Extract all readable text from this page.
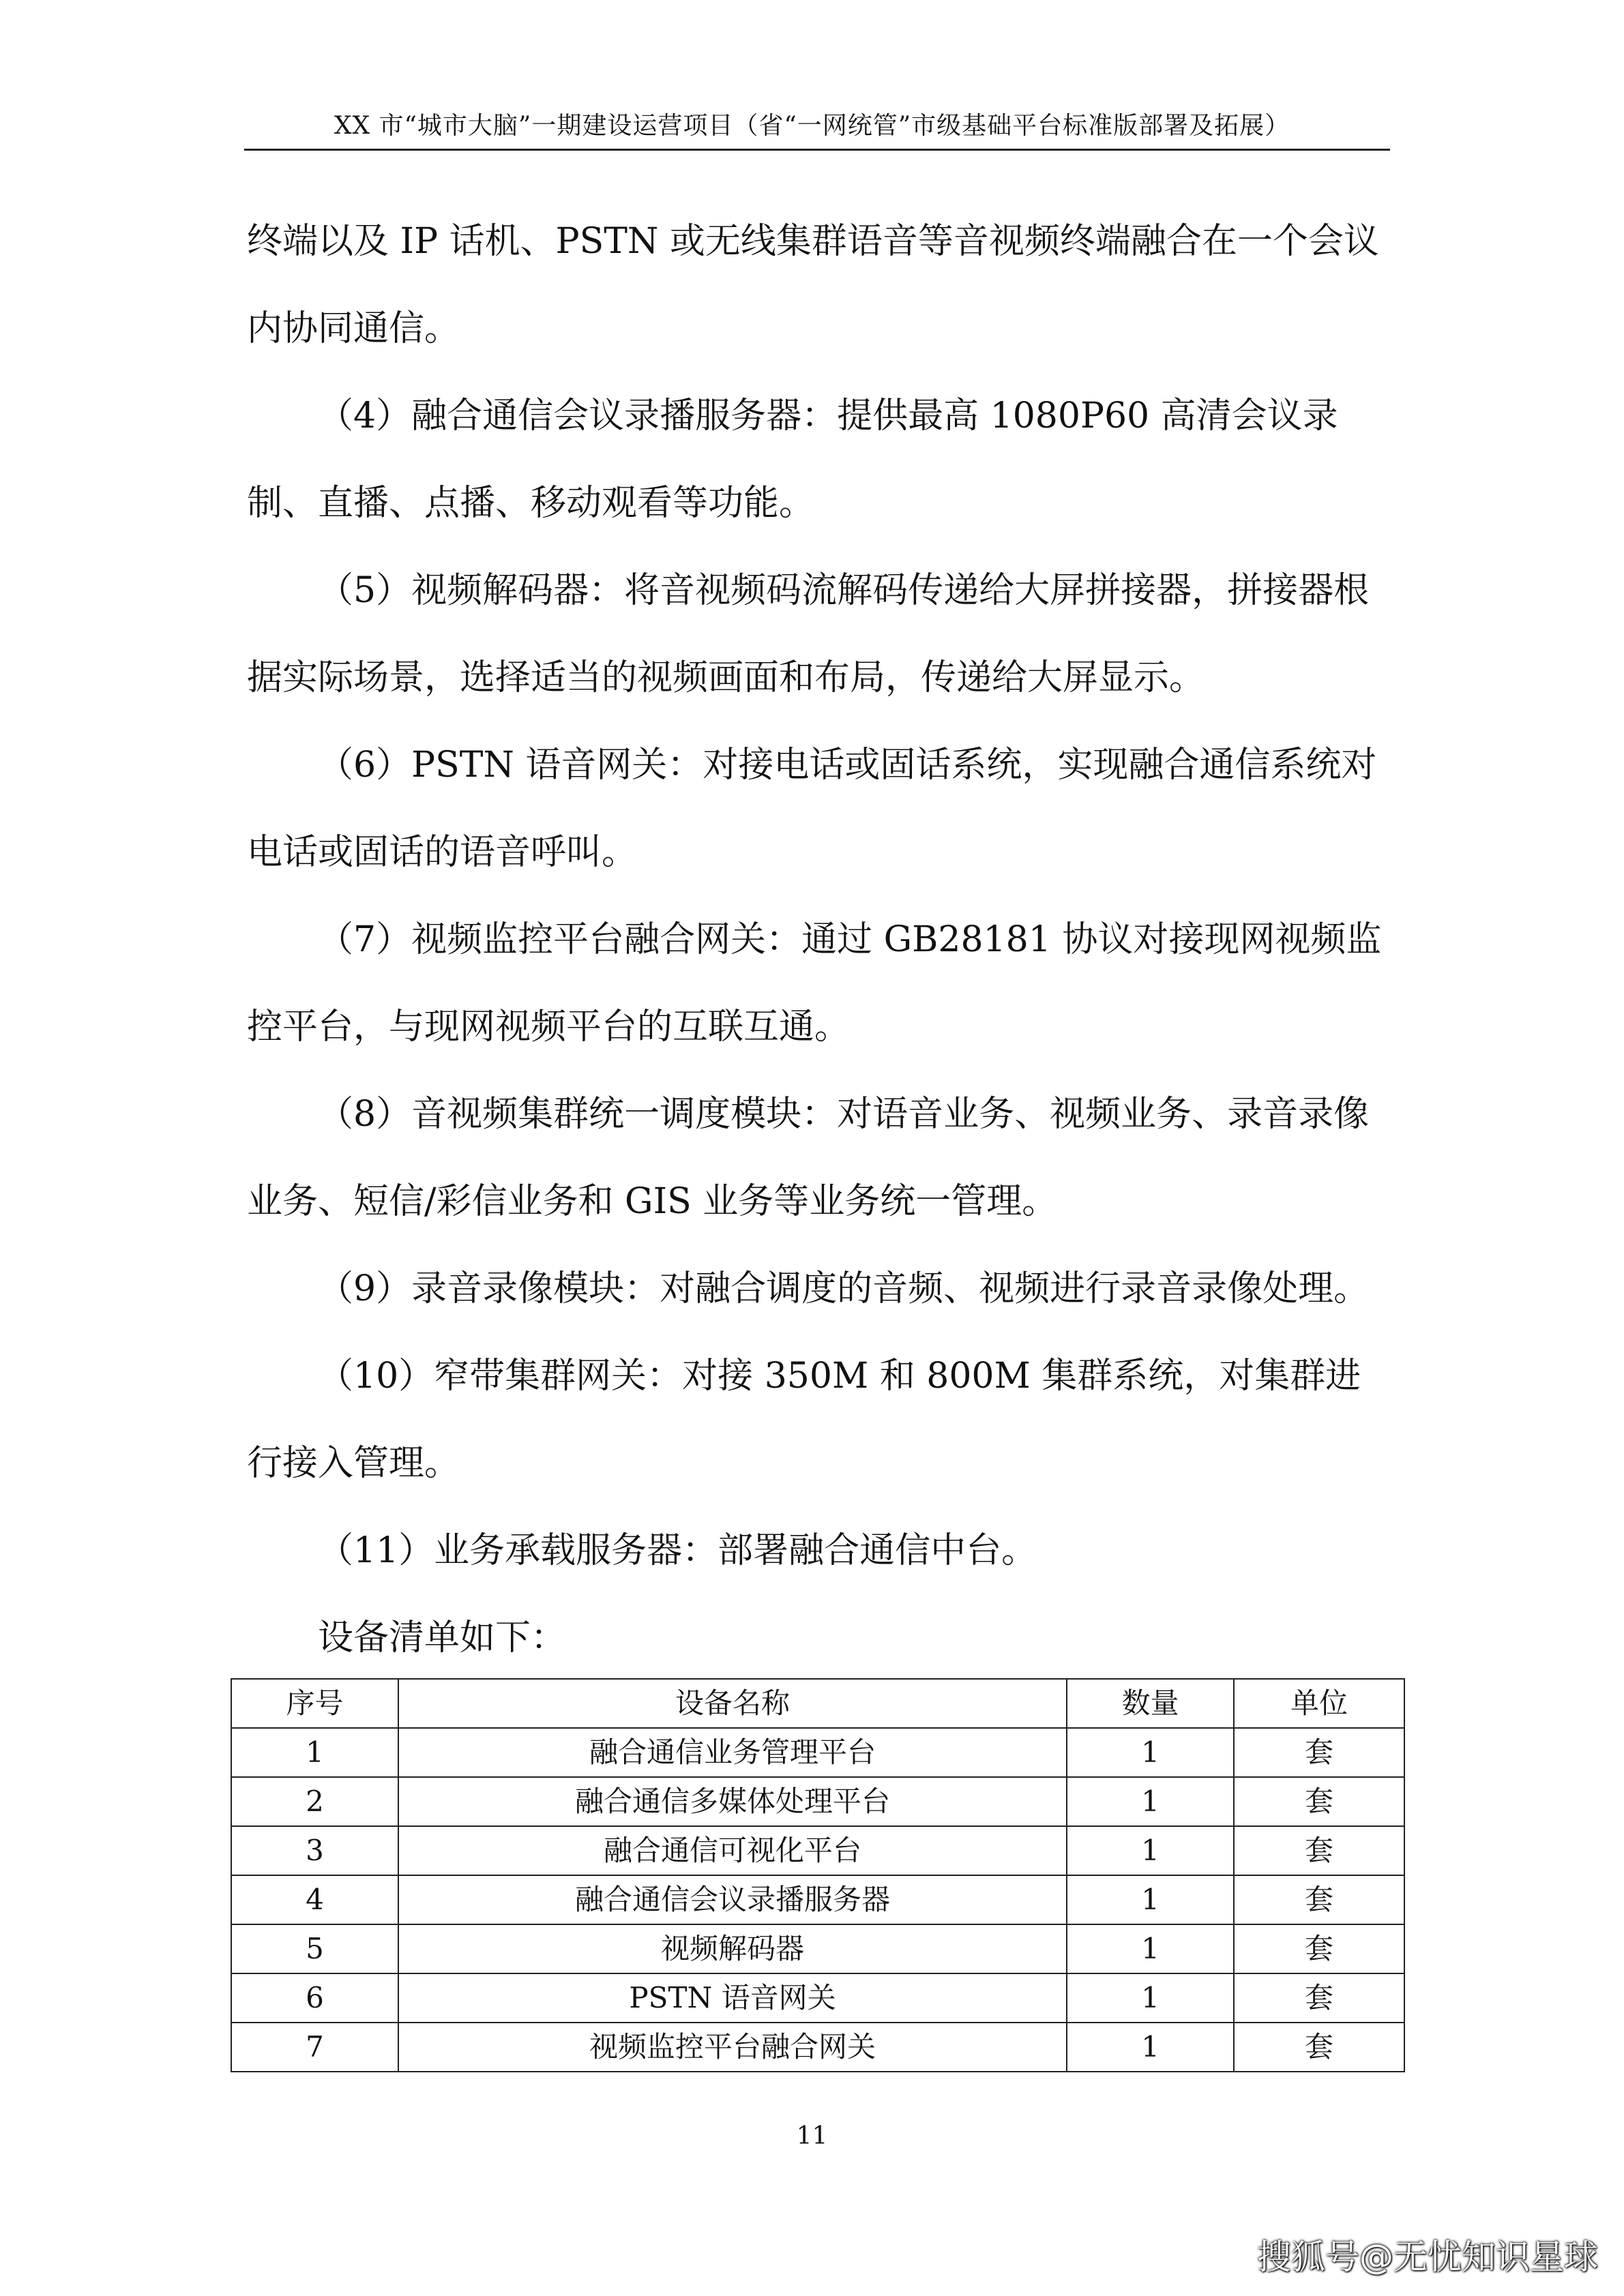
XX 市“城市大脑”一期建设运营项目（省“一网统管”市级基础平台标准版部署及拓展）

终端以及 IP 话机、PSTN 或无线集群语音等音视频终端融合在一个会议内协同通信。

（4）融合通信会议录播服务器：提供最高 1080P60 高清会议录制、直播、点播、移动观看等功能。

（5）视频解码器：将音视频码流解码传递给大屏拼接器，拼接器根据实际场景，选择适当的视频画面和布局，传递给大屏显示。

（6）PSTN 语音网关：对接电话或固话系统，实现融合通信系统对电话或固话的语音呼叫。

（7）视频监控平台融合网关：通过 GB28181 协议对接现网视频监控平台，与现网视频平台的互联互通。

（8）音视频集群统一调度模块：对语音业务、视频业务、录音录像业务、短信/彩信业务和 GIS 业务等业务统一管理。

（9）录音录像模块：对融合调度的音频、视频进行录音录像处理。

（10）窄带集群网关：对接 350M 和 800M 集群系统，对集群进行接入管理。

（11）业务承载服务器：部署融合通信中台。

设备清单如下：

序号	设备名称	数量	单位
1	融合通信业务管理平台	1	套
2	融合通信多媒体处理平台	1	套
3	融合通信可视化平台	1	套
4	融合通信会议录播服务器	1	套
5	视频解码器	1	套
6	PSTN 语音网关	1	套
7	视频监控平台融合网关	1	套
11
搜狐号@无忧知识星球
